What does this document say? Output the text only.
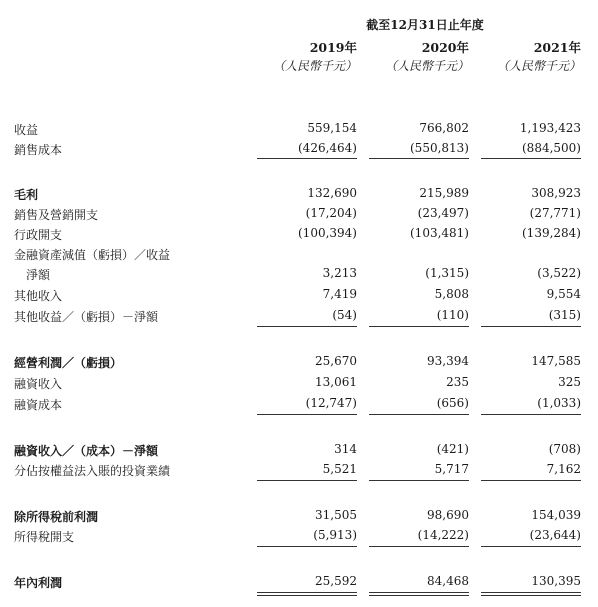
截至12月31日止年度
2019年	2020年	2021年
（人民幣千元）	（人民幣千元）	（人民幣千元）
收益	559,154	766,802	1,193,423
銷售成本	(426,464)	(550,813)	(884,500)
毛利	132,690	215,989	308,923
銷售及營銷開支	(17,204)	(23,497)	(27,771)
行政開支	(100,394)	(103,481)	(139,284)
金融資產減值（虧損）／收益
淨額	3,213	(1,315)	(3,522)
其他收入	7,419	5,808	9,554
其他收益／（虧損）－淨額	(54)	(110)	(315)
經營利潤／（虧損）	25,670	93,394	147,585
融資收入	13,061	235	325
融資成本	(12,747)	(656)	(1,033)
融資收入／（成本）－淨額	314	(421)	(708)
分佔按權益法入賬的投資業績	5,521	5,717	7,162
除所得稅前利潤	31,505	98,690	154,039
所得稅開支	(5,913)	(14,222)	(23,644)
年內利潤	25,592	84,468	130,395
